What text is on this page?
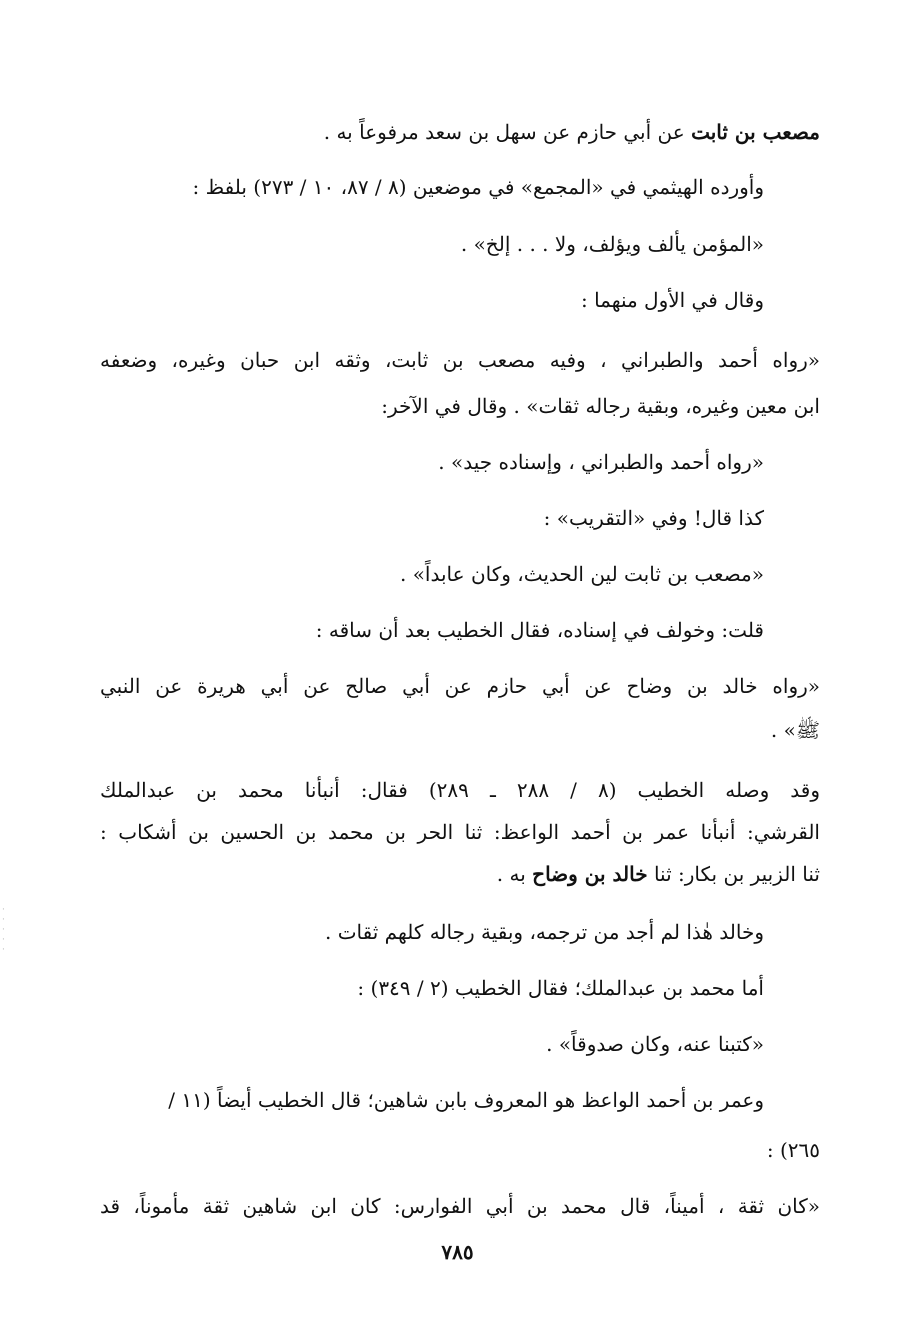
مصعب بن ثابت عن أبي حازم عن سهل بن سعد مرفوعاً به .
وأورده الهيثمي في «المجمع» في موضعين (٨ / ٨٧، ١٠ / ٢٧٣) بلفظ :
«المؤمن يألف ويؤلف، ولا . . . إلخ» .
وقال في الأول منهما :
«رواه أحمد والطبراني ، وفيه مصعب بن ثابت، وثقه ابن حبان وغيره، وضعفه
ابن معين وغيره، وبقية رجاله ثقات» . وقال في الآخر:
«رواه أحمد والطبراني ، وإسناده جيد» .
كذا قال! وفي «التقريب» :
«مصعب بن ثابت لين الحديث، وكان عابداً» .
قلت: وخولف في إسناده، فقال الخطيب بعد أن ساقه :
«رواه خالد بن وضاح عن أبي حازم عن أبي صالح عن أبي هريرة عن النبي
ﷺ» .
وقد وصله الخطيب (٨ / ٢٨٨ ـ ٢٨٩) فقال: أنبأنا محمد بن عبدالملك
القرشي: أنبأنا عمر بن أحمد الواعظ: ثنا الحر بن محمد بن الحسين بن أشكاب :
ثنا الزبير بن بكار: ثنا خالد بن وضاح به .
وخالد هٰذا لم أجد من ترجمه، وبقية رجاله كلهم ثقات .
أما محمد بن عبدالملك؛ فقال الخطيب (٢ / ٣٤٩) :
«كتبنا عنه، وكان صدوقاً» .
وعمر بن أحمد الواعظ هو المعروف بابن شاهين؛ قال الخطيب أيضاً (١١ /
٢٦٥) :
«كان ثقة ، أميناً، قال محمد بن أبي الفوارس: كان ابن شاهين ثقة مأموناً، قد
٧٨٥
·
·
·
·
·
